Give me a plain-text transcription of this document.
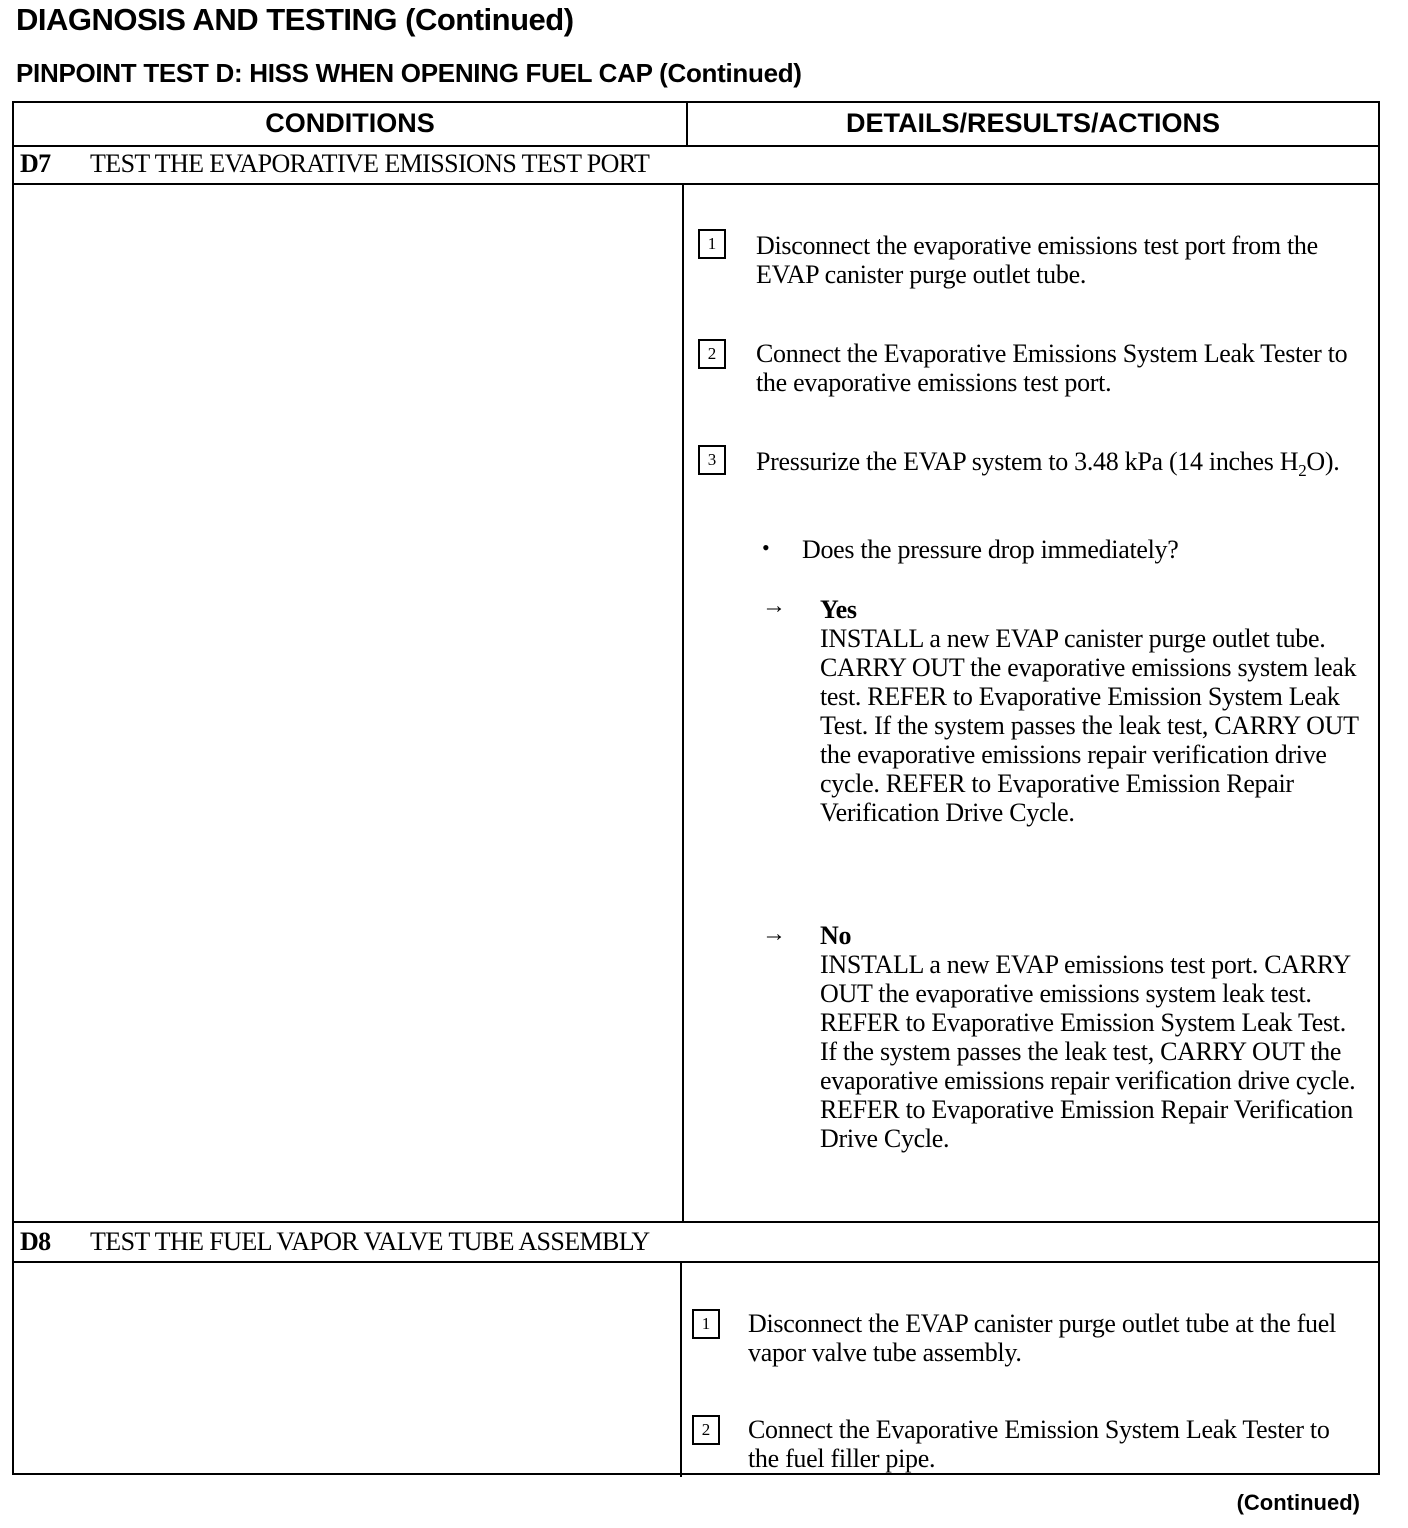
DIAGNOSIS AND TESTING (Continued)
PINPOINT TEST D: HISS WHEN OPENING FUEL CAP (Continued)
CONDITIONS	DETAILS/RESULTS/ACTIONS
D7 TEST THE EVAPORATIVE EMISSIONS TEST PORT
1	Disconnect the evaporative emissions test port from the EVAP canister purge outlet tube.
2	Connect the Evaporative Emissions System Leak Tester to the evaporative emissions test port.
3	Pressurize the EVAP system to 3.48 kPa (14 inches $H_2O$).
• Does the pressure drop immediately?
→ Yes
INSTALL a new EVAP canister purge outlet tube. CARRY OUT the evaporative emissions system leak test. REFER to Evaporative Emission System Leak Test. If the system passes the leak test, CARRY OUT the evaporative emissions repair verification drive cycle. REFER to Evaporative Emission Repair Verification Drive Cycle.
→ No
INSTALL a new EVAP emissions test port. CARRY OUT the evaporative emissions system leak test. REFER to Evaporative Emission System Leak Test. If the system passes the leak test, CARRY OUT the evaporative emissions repair verification drive cycle. REFER to Evaporative Emission Repair Verification Drive Cycle.
D8 TEST THE FUEL VAPOR VALVE TUBE ASSEMBLY
1	Disconnect the EVAP canister purge outlet tube at the fuel vapor valve tube assembly.
2	Connect the Evaporative Emission System Leak Tester to the fuel filler pipe.
(Continued)
